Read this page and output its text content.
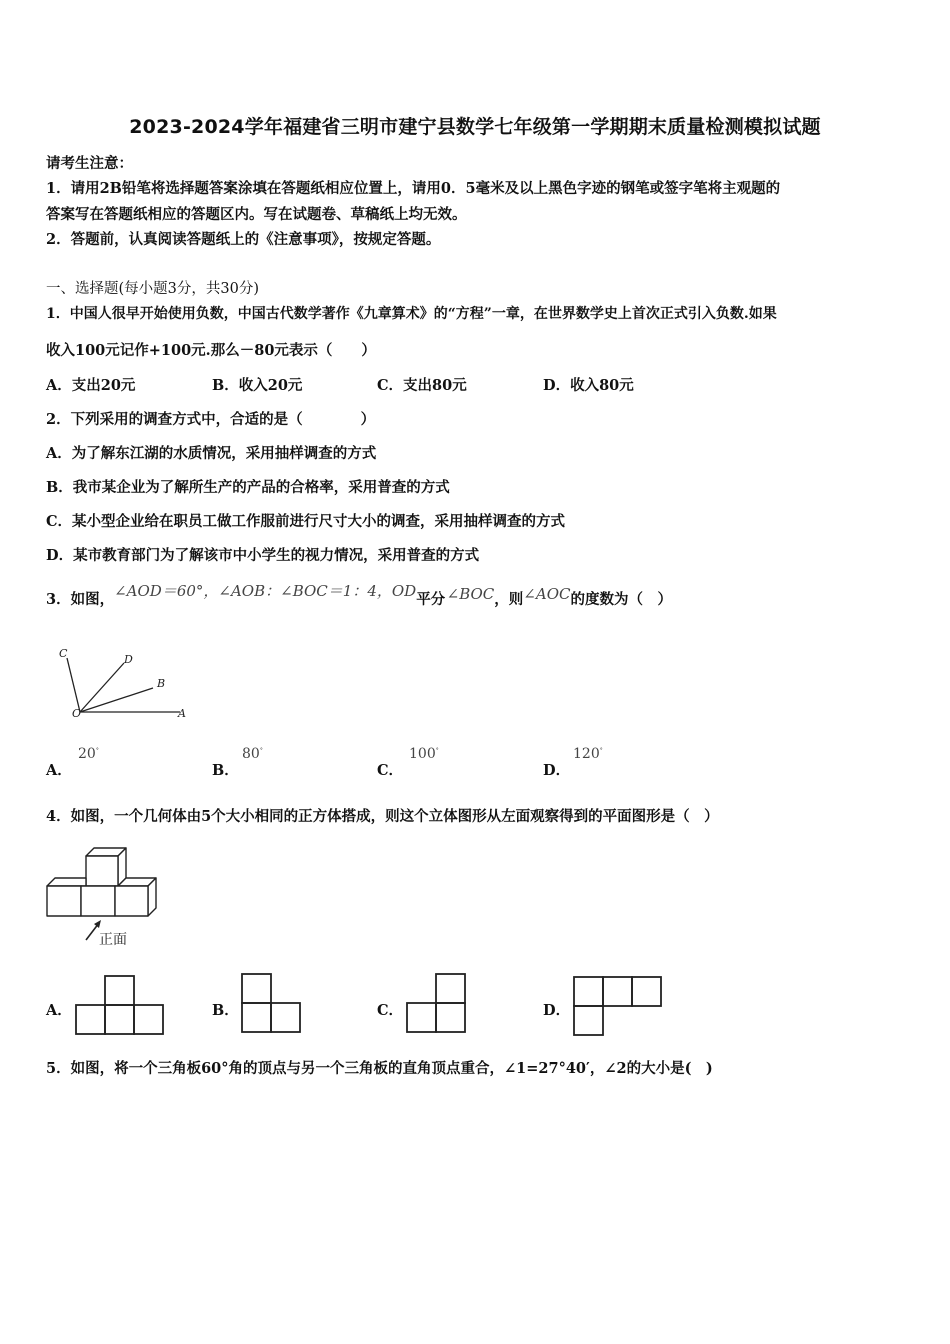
2023-2024学年福建省三明市建宁县数学七年级第一学期期末质量检测模拟试题
请考生注意：
1．请用2B铅笔将选择题答案涂填在答题纸相应位置上，请用0．5毫米及以上黑色字迹的钢笔或签字笔将主观题的
答案写在答题纸相应的答题区内。写在试题卷、草稿纸上均无效。
2．答题前，认真阅读答题纸上的《注意事项》，按规定答题。
一、选择题(每小题3分，共30分)
1．中国人很早开始使用负数，中国古代数学著作《九章算术》的“方程”一章，在世界数学史上首次正式引入负数.如果
收入100元记作+100元.那么－80元表示（　　）
A．支出20元	B．收入20元	C．支出80元	D．收入80元
2．下列采用的调查方式中，合适的是（　　　　）
A．为了解东江湖的水质情况，采用抽样调查的方式
B．我市某企业为了解所生产的产品的合格率，采用普查的方式
C．某小型企业给在职员工做工作服前进行尺寸大小的调查，采用抽样调查的方式
D．某市教育部门为了解该市中小学生的视力情况，采用普查的方式
3．如图，∠AOD＝60°，∠AOB：∠BOC＝1：4，OD平分 ∠BOC，则∠AOC的度数为（　）
C	D
B
O	A
A．
20°
B．
80°
C．
100°
D．
120°
4．如图，一个几何体由5个大小相同的正方体搭成，则这个立体图形从左面观察得到的平面图形是（　）
正面
A．	B．	C．	D．
5．如图，将一个三角板60°角的顶点与另一个三角板的直角顶点重合，∠1=27°40′，∠2的大小是(　)
